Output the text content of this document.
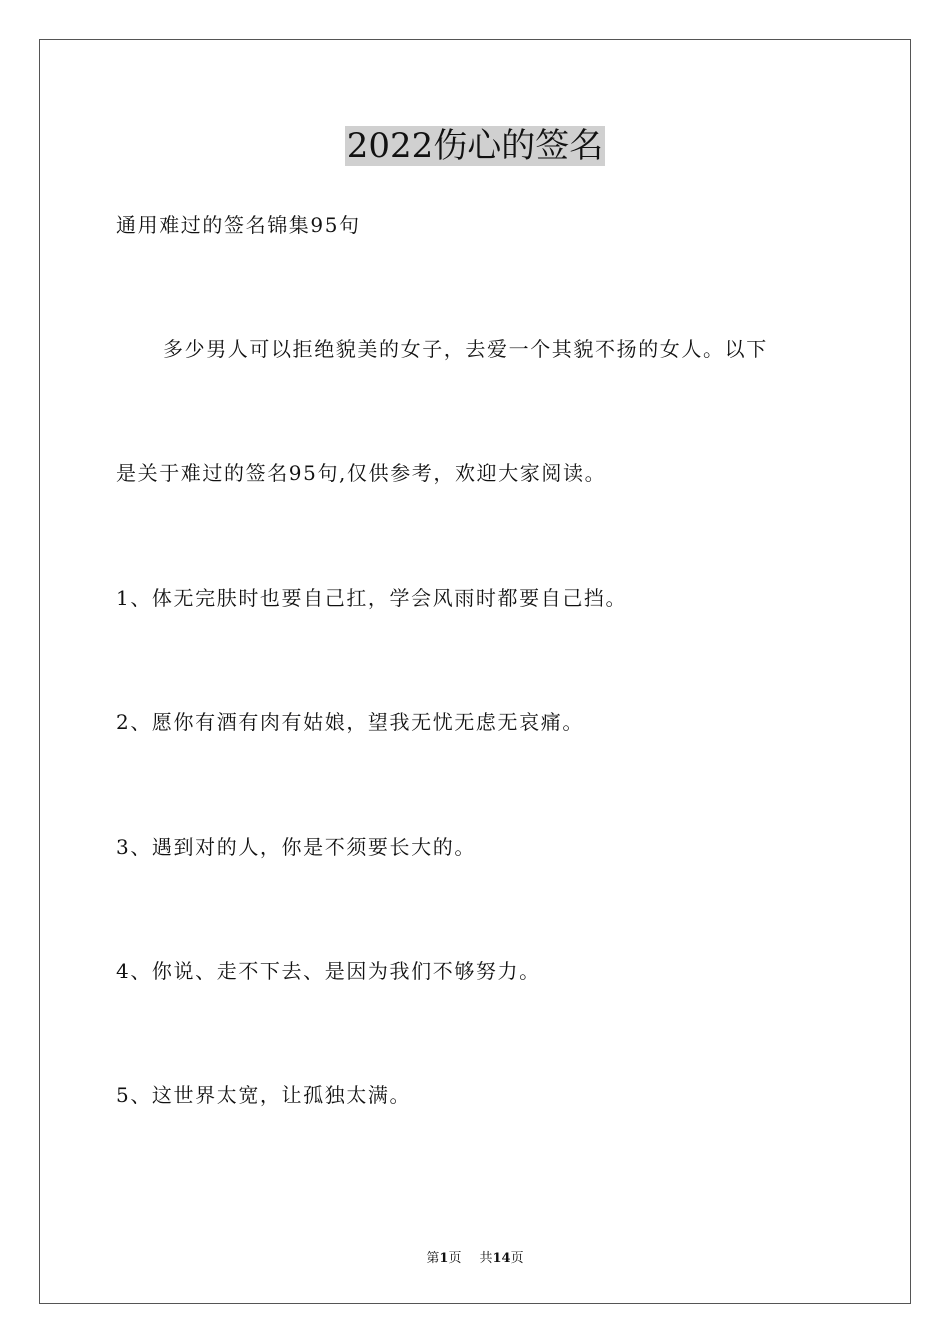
2022伤心的签名
通用难过的签名锦集95句
多少男人可以拒绝貌美的女子，去爱一个其貌不扬的女人。以下
是关于难过的签名95句,仅供参考，欢迎大家阅读。
1、体无完肤时也要自己扛，学会风雨时都要自己挡。
2、愿你有酒有肉有姑娘，望我无忧无虑无哀痛。
3、遇到对的人，你是不须要长大的。
4、你说、走不下去、是因为我们不够努力。
5、这世界太宽，让孤独太满。
第1页 共14页
